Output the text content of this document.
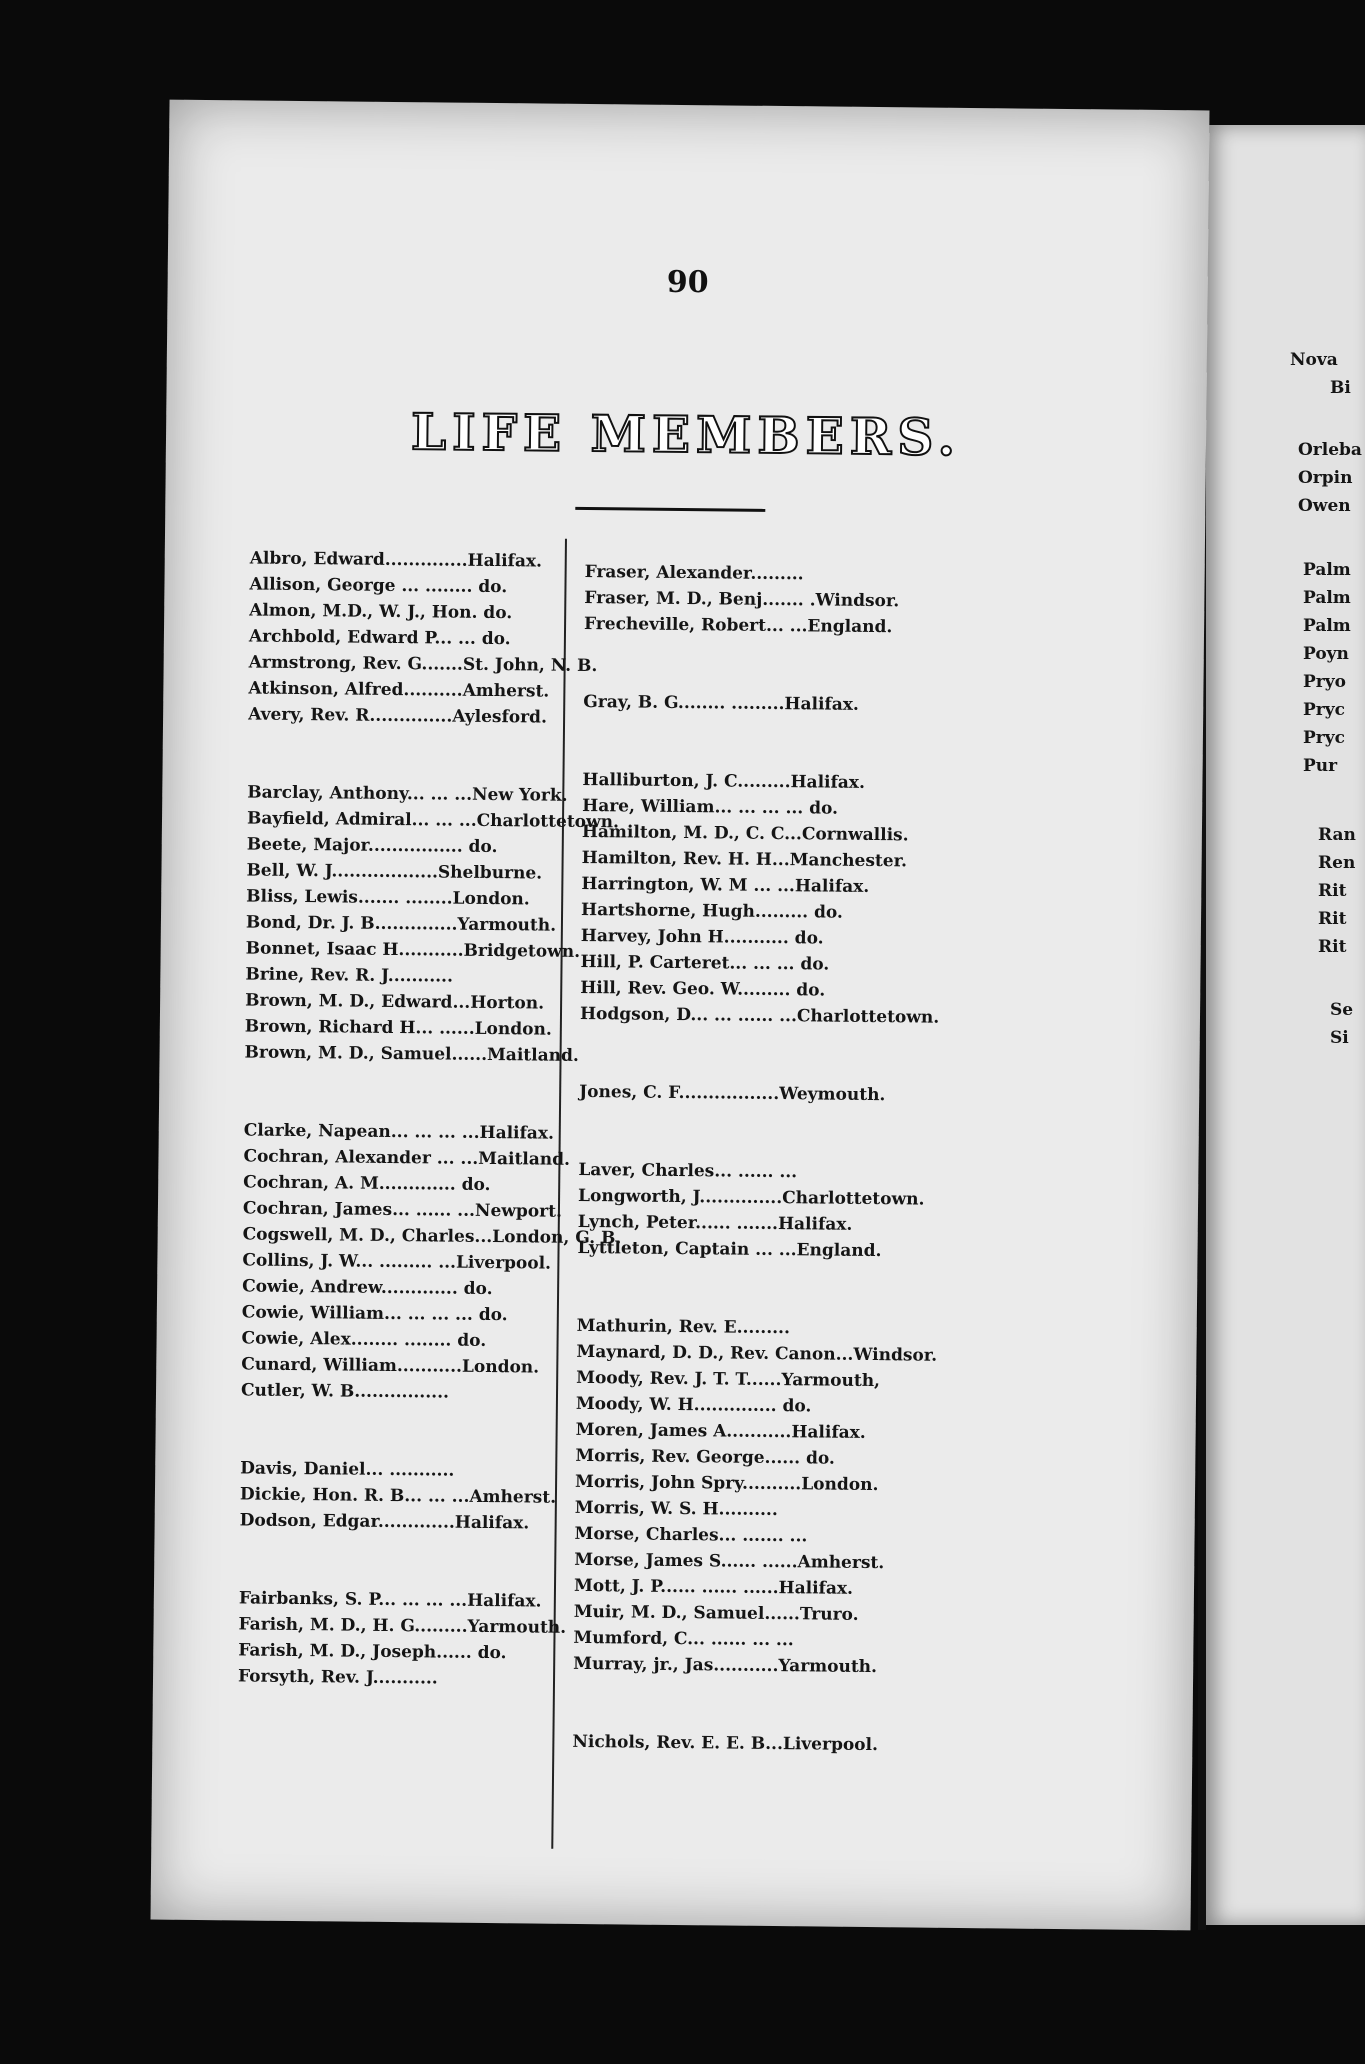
90
LIFE MEMBERS.
Albro, Edward..............Halifax.
Allison, George ... ........ do.
Almon, M.D., W. J., Hon. do.
Archbold, Edward P... ... do.
Armstrong, Rev. G.......St. John, N. B.
Atkinson, Alfred..........Amherst.
Avery, Rev. R..............Aylesford.
Barclay, Anthony... ... ...New York.
Bayfield, Admiral... ... ...Charlottetown.
Beete, Major................ do.
Bell, W. J..................Shelburne.
Bliss, Lewis....... ........London.
Bond, Dr. J. B..............Yarmouth.
Bonnet, Isaac H...........Bridgetown.
Brine, Rev. R. J...........
Brown, M. D., Edward...Horton.
Brown, Richard H... ......London.
Brown, M. D., Samuel......Maitland.
Clarke, Napean... ... ... ...Halifax.
Cochran, Alexander ... ...Maitland.
Cochran, A. M............. do.
Cochran, James... ...... ...Newport.
Cogswell, M. D., Charles...London, G. B.
Collins, J. W... ......... ...Liverpool.
Cowie, Andrew............. do.
Cowie, William... ... ... ... do.
Cowie, Alex........ ........ do.
Cunard, William...........London.
Cutler, W. B................
Davis, Daniel... ...........
Dickie, Hon. R. B... ... ...Amherst.
Dodson, Edgar.............Halifax.
Fairbanks, S. P... ... ... ...Halifax.
Farish, M. D., H. G.........Yarmouth.
Farish, M. D., Joseph...... do.
Forsyth, Rev. J...........
Fraser, Alexander.........
Fraser, M. D., Benj....... .Windsor.
Frecheville, Robert... ...England.
Gray, B. G........ .........Halifax.
Halliburton, J. C.........Halifax.
Hare, William... ... ... ... do.
Hamilton, M. D., C. C...Cornwallis.
Hamilton, Rev. H. H...Manchester.
Harrington, W. M ... ...Halifax.
Hartshorne, Hugh......... do.
Harvey, John H........... do.
Hill, P. Carteret... ... ... do.
Hill, Rev. Geo. W......... do.
Hodgson, D... ... ...... ...Charlottetown.
Jones, C. F.................Weymouth.
Laver, Charles... ...... ...
Longworth, J..............Charlottetown.
Lynch, Peter...... .......Halifax.
Lyttleton, Captain ... ...England.
Mathurin, Rev. E.........
Maynard, D. D., Rev. Canon...Windsor.
Moody, Rev. J. T. T......Yarmouth,
Moody, W. H.............. do.
Moren, James A...........Halifax.
Morris, Rev. George...... do.
Morris, John Spry..........London.
Morris, W. S. H..........
Morse, Charles... ....... ...
Morse, James S...... ......Amherst.
Mott, J. P...... ...... ......Halifax.
Muir, M. D., Samuel......Truro.
Mumford, C... ...... ... ...
Murray, jr., Jas...........Yarmouth.
Nichols, Rev. E. E. B...Liverpool.
Nova
Bi
Orleba
Orpin
Owen
Palm
Palm
Palm
Poyn
Pryo
Pryc
Pryc
Pur
Ran
Ren
Rit
Rit
Rit
Se
Si
